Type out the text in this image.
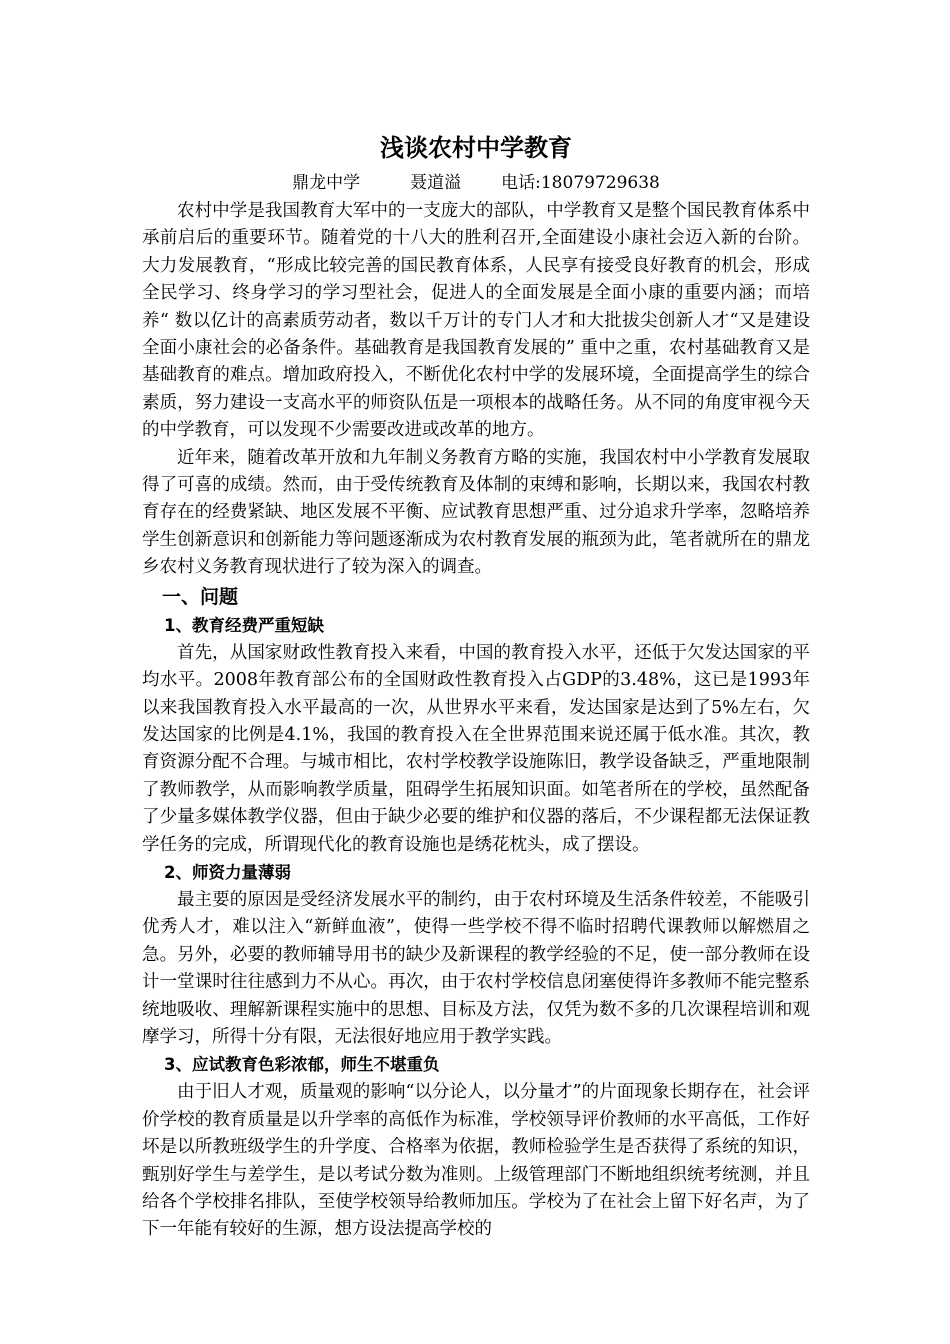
浅谈农村中学教育

鼎龙中学	聂道溢 电话:18079729638

农村中学是我国教育大军中的一支庞大的部队，中学教育又是整个国民教育体系中承前启后的重要环节。随着党的十八大的胜利召开,全面建设小康社会迈入新的台阶。大力发展教育，“形成比较完善的国民教育体系，人民享有接受良好教育的机会，形成全民学习、终身学习的学习型社会，促进人的全面发展是全面小康的重要内涵；而培养“ 数以亿计的高素质劳动者，数以千万计的专门人才和大批拔尖创新人才“又是建设全面小康社会的必备条件。基础教育是我国教育发展的” 重中之重，农村基础教育又是基础教育的难点。增加政府投入，不断优化农村中学的发展环境，全面提高学生的综合素质，努力建设一支高水平的师资队伍是一项根本的战略任务。从不同的角度审视今天的中学教育，可以发现不少需要改进或改革的地方。

近年来，随着改革开放和九年制义务教育方略的实施，我国农村中小学教育发展取得了可喜的成绩。然而，由于受传统教育及体制的束缚和影响，长期以来，我国农村教育存在的经费紧缺、地区发展不平衡、应试教育思想严重、过分追求升学率，忽略培养学生创新意识和创新能力等问题逐渐成为农村教育发展的瓶颈为此，笔者就所在的鼎龙乡农村义务教育现状进行了较为深入的调查。

一、问题
1、教育经费严重短缺

首先，从国家财政性教育投入来看，中国的教育投入水平，还低于欠发达国家的平均水平。2008年教育部公布的全国财政性教育投入占GDP的3.48%，这已是1993年以来我国教育投入水平最高的一次，从世界水平来看，发达国家是达到了5%左右，欠发达国家的比例是4.1%，我国的教育投入在全世界范围来说还属于低水准。其次，教育资源分配不合理。与城市相比，农村学校教学设施陈旧，教学设备缺乏，严重地限制了教师教学，从而影响教学质量，阻碍学生拓展知识面。如笔者所在的学校，虽然配备了少量多媒体教学仪器，但由于缺少必要的维护和仪器的落后，不少课程都无法保证教学任务的完成，所谓现代化的教育设施也是绣花枕头，成了摆设。

2、师资力量薄弱

最主要的原因是受经济发展水平的制约，由于农村环境及生活条件较差，不能吸引优秀人才，难以注入“新鲜血液”，使得一些学校不得不临时招聘代课教师以解燃眉之急。另外，必要的教师辅导用书的缺少及新课程的教学经验的不足，使一部分教师在设计一堂课时往往感到力不从心。再次，由于农村学校信息闭塞使得许多教师不能完整系统地吸收、理解新课程实施中的思想、目标及方法，仅凭为数不多的几次课程培训和观摩学习，所得十分有限，无法很好地应用于教学实践。

3、应试教育色彩浓郁，师生不堪重负

由于旧人才观，质量观的影响“以分论人，以分量才”的片面现象长期存在，社会评价学校的教育质量是以升学率的高低作为标准，学校领导评价教师的水平高低，工作好坏是以所教班级学生的升学度、合格率为依据，教师检验学生是否获得了系统的知识，甄别好学生与差学生，是以考试分数为准则。上级管理部门不断地组织统考统测，并且给各个学校排名排队，至使学校领导给教师加压。学校为了在社会上留下好名声，为了下一年能有较好的生源，想方设法提高学校的
